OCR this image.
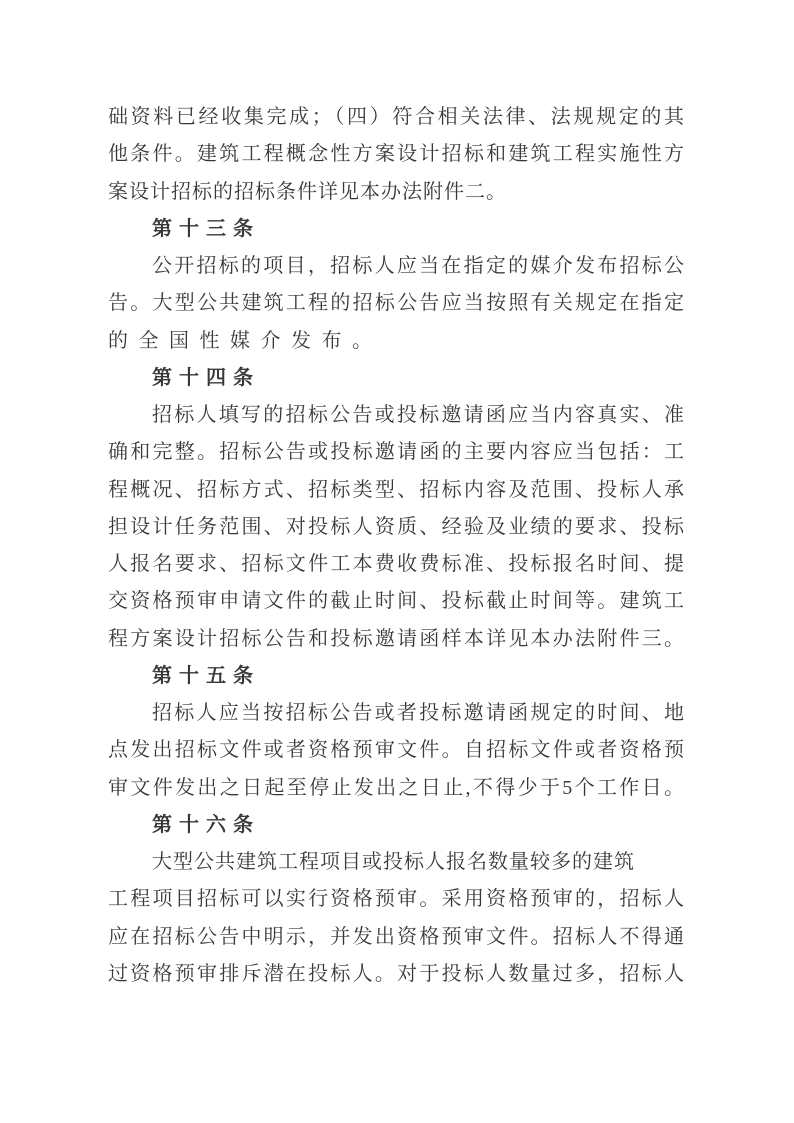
础资料已经收集完成；（四）符合相关法律、法规规定的其
他条件。建筑工程概念性方案设计招标和建筑工程实施性方
案设计招标的招标条件详见本办法附件二。
第十三条
公开招标的项目，招标人应当在指定的媒介发布招标公
告。大型公共建筑工程的招标公告应当按照有关规定在指定
的全国性媒介发布。
第十四条
招标人填写的招标公告或投标邀请函应当内容真实、准
确和完整。招标公告或投标邀请函的主要内容应当包括：工
程概况、招标方式、招标类型、招标内容及范围、投标人承
担设计任务范围、对投标人资质、经验及业绩的要求、投标
人报名要求、招标文件工本费收费标准、投标报名时间、提
交资格预审申请文件的截止时间、投标截止时间等。建筑工
程方案设计招标公告和投标邀请函样本详见本办法附件三。
第十五条
招标人应当按招标公告或者投标邀请函规定的时间、地
点发出招标文件或者资格预审文件。自招标文件或者资格预
审文件发出之日起至停止发出之日止,不得少于5个工作日。
第十六条
大型公共建筑工程项目或投标人报名数量较多的建筑
工程项目招标可以实行资格预审。采用资格预审的，招标人
应在招标公告中明示，并发出资格预审文件。招标人不得通
过资格预审排斥潜在投标人。对于投标人数量过多，招标人
